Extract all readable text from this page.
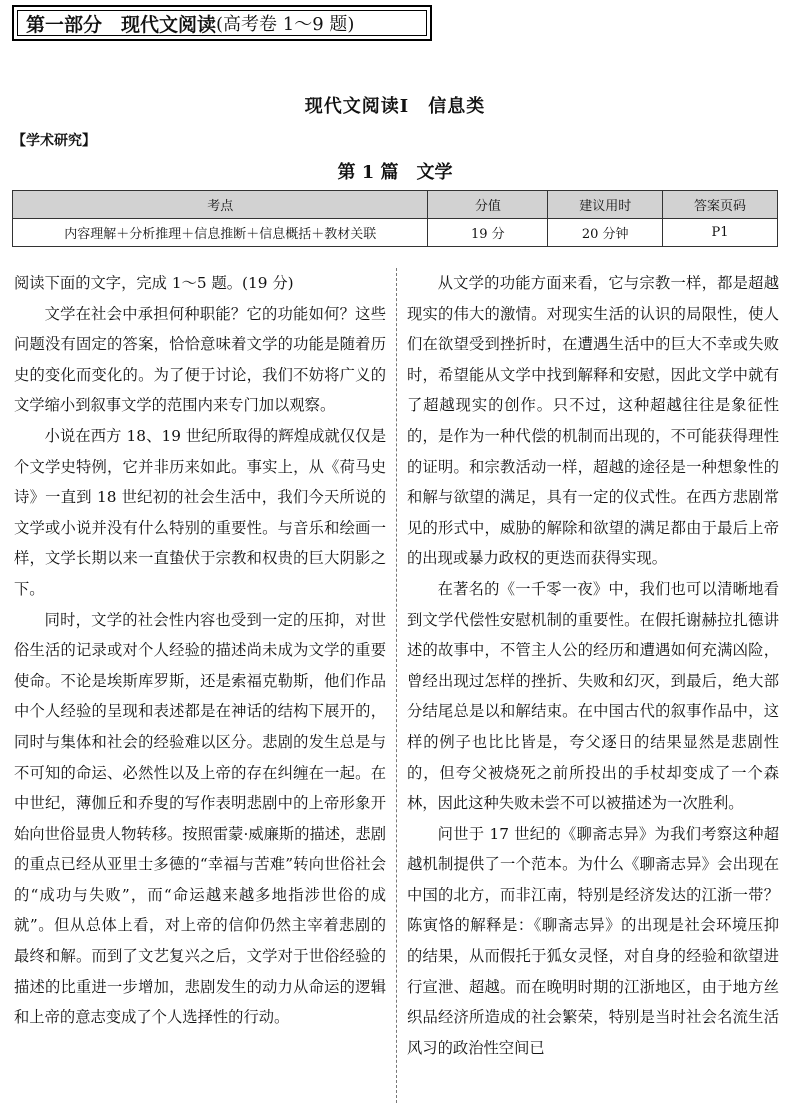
第一部分　现代文阅读 (高考卷 1～9 题)
现代文阅读Ⅰ　信息类
【学术研究】
第 1 篇　文学
考点	分值	建议用时	答案页码
内容理解＋分析推理＋信息推断＋信息概括＋教材关联	19 分	20 分钟	P1

阅读下面的文字，完成 1～5 题。(19 分)

文学在社会中承担何种职能？它的功能如何？这些问题没有固定的答案，恰恰意味着文学的功能是随着历史的变化而变化的。为了便于讨论，我们不妨将广义的文学缩小到叙事文学的范围内来专门加以观察。

小说在西方 18、19 世纪所取得的辉煌成就仅仅是个文学史特例，它并非历来如此。事实上，从《荷马史诗》一直到 18 世纪初的社会生活中，我们今天所说的文学或小说并没有什么特别的重要性。与音乐和绘画一样，文学长期以来一直蛰伏于宗教和权贵的巨大阴影之下。

同时，文学的社会性内容也受到一定的压抑，对世俗生活的记录或对个人经验的描述尚未成为文学的重要使命。不论是埃斯库罗斯，还是索福克勒斯，他们作品中个人经验的呈现和表述都是在神话的结构下展开的，同时与集体和社会的经验难以区分。悲剧的发生总是与不可知的命运、必然性以及上帝的存在纠缠在一起。在中世纪，薄伽丘和乔叟的写作表明悲剧中的上帝形象开始向世俗显贵人物转移。按照雷蒙·威廉斯的描述，悲剧的重点已经从亚里士多德的“幸福与苦难”转向世俗社会的“成功与失败”，而“命运越来越多地指涉世俗的成就”。但从总体上看，对上帝的信仰仍然主宰着悲剧的最终和解。而到了文艺复兴之后，文学对于世俗经验的描述的比重进一步增加，悲剧发生的动力从命运的逻辑和上帝的意志变成了个人选择性的行动。

从文学的功能方面来看，它与宗教一样，都是超越现实的伟大的激情。对现实生活的认识的局限性，使人们在欲望受到挫折时，在遭遇生活中的巨大不幸或失败时，希望能从文学中找到解释和安慰，因此文学中就有了超越现实的创作。只不过，这种超越往往是象征性的，是作为一种代偿的机制而出现的，不可能获得理性的证明。和宗教活动一样，超越的途径是一种想象性的和解与欲望的满足，具有一定的仪式性。在西方悲剧常见的形式中，威胁的解除和欲望的满足都由于最后上帝的出现或暴力政权的更迭而获得实现。

在著名的《一千零一夜》中，我们也可以清晰地看到文学代偿性安慰机制的重要性。在假托谢赫拉扎德讲述的故事中，不管主人公的经历和遭遇如何充满凶险，曾经出现过怎样的挫折、失败和幻灭，到最后，绝大部分结尾总是以和解结束。在中国古代的叙事作品中，这样的例子也比比皆是，夸父逐日的结果显然是悲剧性的，但夸父被烧死之前所投出的手杖却变成了一个森林，因此这种失败未尝不可以被描述为一次胜利。

问世于 17 世纪的《聊斋志异》为我们考察这种超越机制提供了一个范本。为什么《聊斋志异》会出现在中国的北方，而非江南，特别是经济发达的江浙一带？陈寅恪的解释是：《聊斋志异》的出现是社会环境压抑的结果，从而假托于狐女灵怪，对自身的经验和欲望进行宣泄、超越。而在晚明时期的江浙地区，由于地方丝织品经济所造成的社会繁荣，特别是当时社会名流生活风习的政治性空间已
